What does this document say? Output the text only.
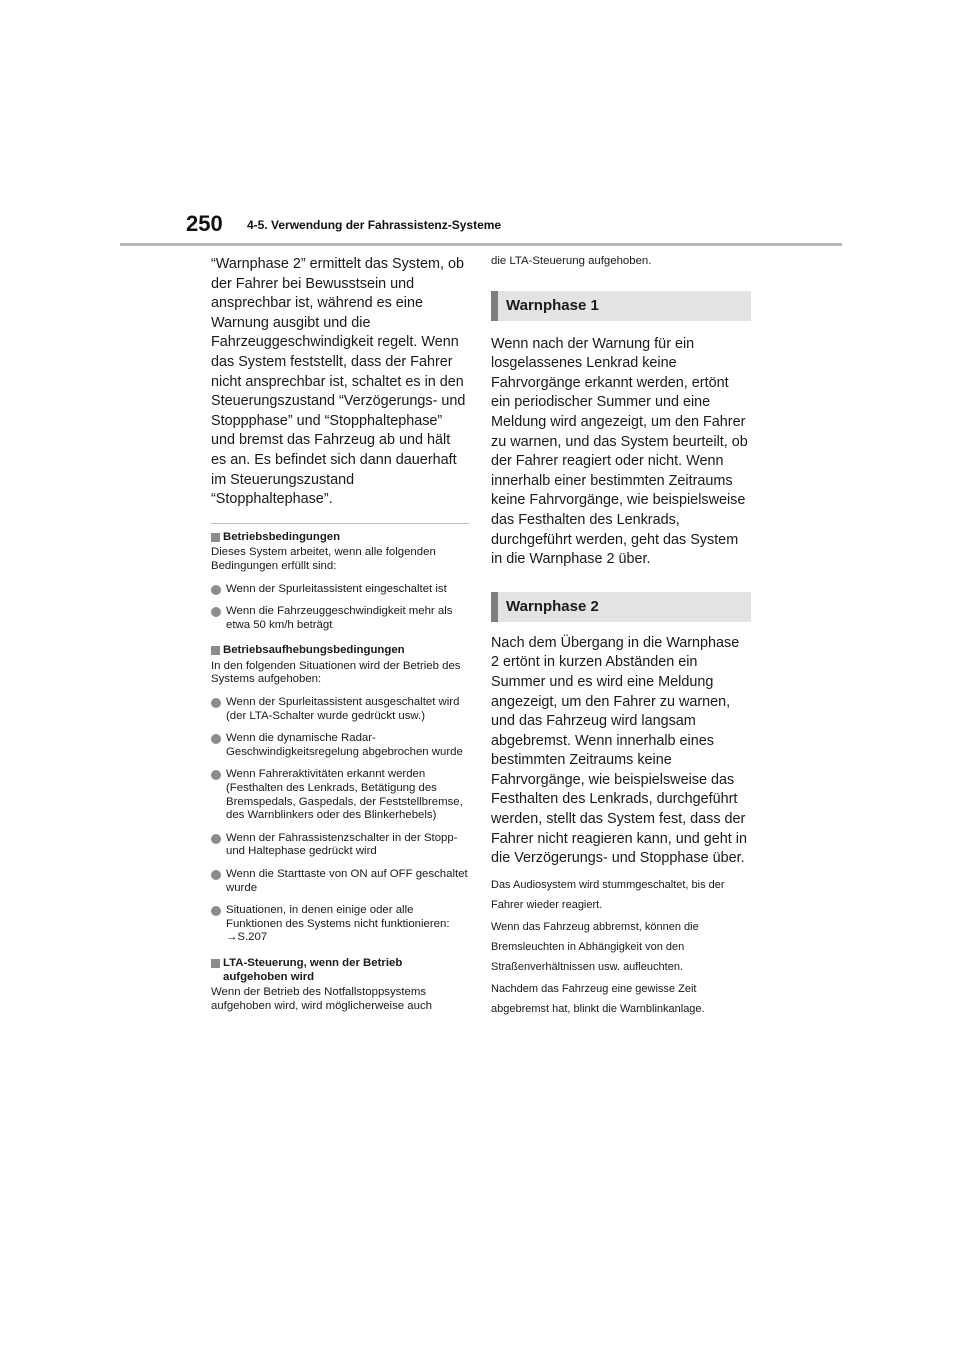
250 4-5. Verwendung der Fahrassistenz-Systeme

“Warnphase 2” ermittelt das System, ob der Fahrer bei Bewusstsein und ansprechbar ist, während es eine Warnung ausgibt und die Fahrzeuggeschwindigkeit regelt. Wenn das System feststellt, dass der Fahrer nicht ansprechbar ist, schaltet es in den Steuerungszustand “Verzögerungs- und Stoppphase” und “Stopphaltephase” und bremst das Fahrzeug ab und hält es an. Es befindet sich dann dauerhaft im Steuerungszustand “Stopphaltephase”.

Betriebsbedingungen

Dieses System arbeitet, wenn alle folgenden Bedingungen erfüllt sind:

Wenn der Spurleitassistent eingeschaltet ist
Wenn die Fahrzeuggeschwindigkeit mehr als etwa 50 km/h beträgt
Betriebsaufhebungsbedingungen

In den folgenden Situationen wird der Betrieb des Systems aufgehoben:

Wenn der Spurleitassistent ausgeschaltet wird (der LTA-Schalter wurde gedrückt usw.)
Wenn die dynamische Radar-Geschwindigkeitsregelung abgebrochen wurde
Wenn Fahreraktivitäten erkannt werden (Festhalten des Lenkrads, Betätigung des Bremspedals, Gaspedals, der Feststellbremse, des Warnblinkers oder des Blinkerhebels)
Wenn der Fahrassistenzschalter in der Stopp- und Haltephase gedrückt wird
Wenn die Starttaste von ON auf OFF geschaltet wurde
Situationen, in denen einige oder alle Funktionen des Systems nicht funktionieren: →S.207
LTA-Steuerung, wenn der Betrieb aufgehoben wird

Wenn der Betrieb des Notfallstoppsystems aufgehoben wird, wird möglicherweise auch

die LTA-Steuerung aufgehoben.

Warnphase 1

Wenn nach der Warnung für ein losgelassenes Lenkrad keine Fahrvorgänge erkannt werden, ertönt ein periodischer Summer und eine Meldung wird angezeigt, um den Fahrer zu warnen, und das System beurteilt, ob der Fahrer reagiert oder nicht. Wenn innerhalb einer bestimmten Zeitraums keine Fahrvorgänge, wie beispielsweise das Festhalten des Lenkrads, durchgeführt werden, geht das System in die Warnphase 2 über.

Warnphase 2

Nach dem Übergang in die Warnphase 2 ertönt in kurzen Abständen ein Summer und es wird eine Meldung angezeigt, um den Fahrer zu warnen, und das Fahrzeug wird langsam abgebremst. Wenn innerhalb eines bestimmten Zeitraums keine Fahrvorgänge, wie beispielsweise das Festhalten des Lenkrads, durchgeführt werden, stellt das System fest, dass der Fahrer nicht reagieren kann, und geht in die Verzögerungs- und Stopphase über.

Das Audiosystem wird stummgeschaltet, bis der Fahrer wieder reagiert.

Wenn das Fahrzeug abbremst, können die Bremsleuchten in Abhängigkeit von den Straßenverhältnissen usw. aufleuchten.

Nachdem das Fahrzeug eine gewisse Zeit abgebremst hat, blinkt die Warnblinkanlage.
